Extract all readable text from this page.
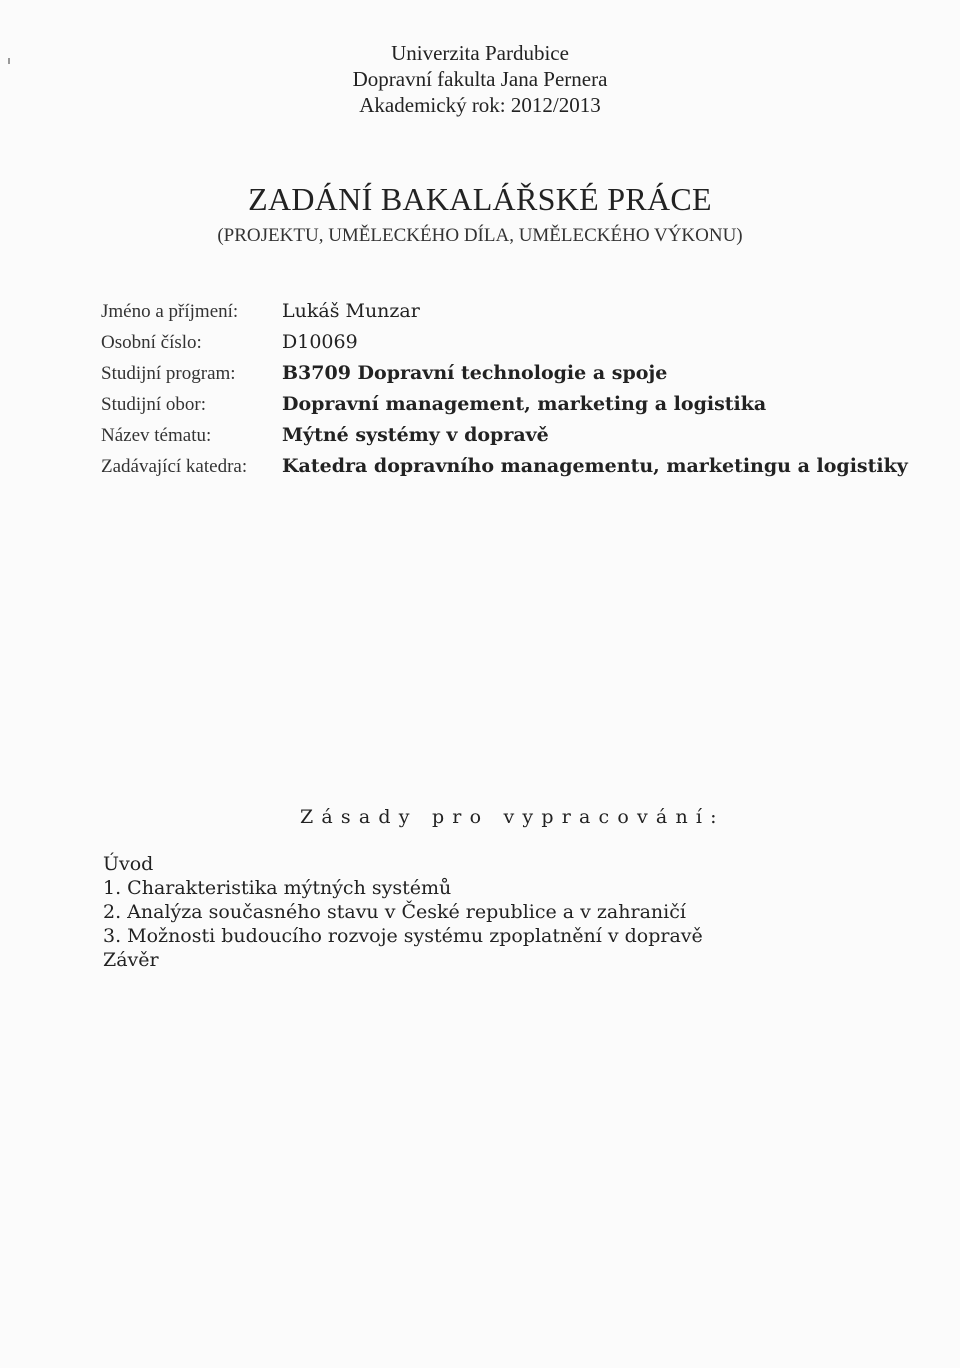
Univerzita Pardubice
Dopravní fakulta Jana Pernera
Akademický rok: 2012/2013
ZADÁNÍ BAKALÁŘSKÉ PRÁCE
(PROJEKTU, UMĚLECKÉHO DÍLA, UMĚLECKÉHO VÝKONU)
Jméno a příjmení: Lukáš Munzar
Osobní číslo:	D10069
Studijní program: B3709 Dopravní technologie a spoje
Studijní obor:	Dopravní management, marketing a logistika
Název tématu:	Mýtné systémy v dopravě
Zadávající katedra: Katedra dopravního managementu, marketingu a logistiky
Zásady pro vypracování:
Úvod
1. Charakteristika mýtných systémů
2. Analýza současného stavu v České republice a v zahraničí
3. Možnosti budoucího rozvoje systému zpoplatnění v dopravě
Závěr
